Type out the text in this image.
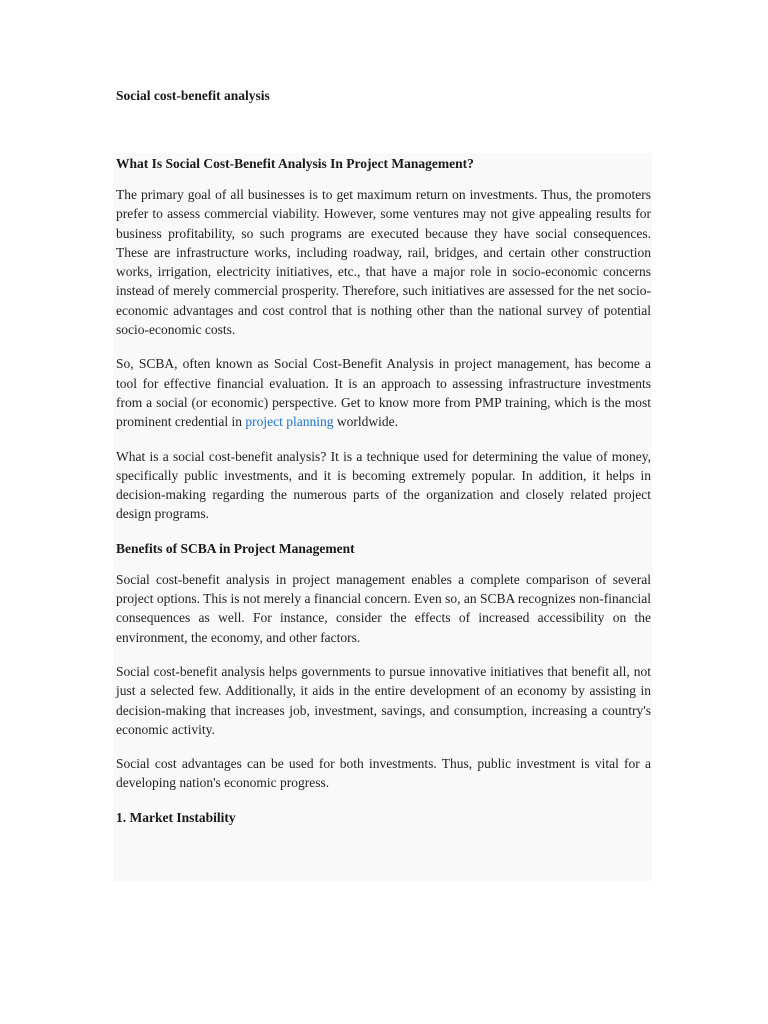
Social cost-benefit analysis
What Is Social Cost-Benefit Analysis In Project Management?

The primary goal of all businesses is to get maximum return on investments. Thus, the promoters prefer to assess commercial viability. However, some ventures may not give appealing results for business profitability, so such programs are executed because they have social consequences. These are infrastructure works, including roadway, rail, bridges, and certain other construction works, irrigation, electricity initiatives, etc., that have a major role in socio-economic concerns instead of merely commercial prosperity. Therefore, such initiatives are assessed for the net socio-economic advantages and cost control that is nothing other than the national survey of potential socio-economic costs.

So, SCBA, often known as Social Cost-Benefit Analysis in project management, has become a tool for effective financial evaluation. It is an approach to assessing infrastructure investments from a social (or economic) perspective. Get to know more from PMP training, which is the most prominent credential in project planning worldwide.

What is a social cost-benefit analysis? It is a technique used for determining the value of money, specifically public investments, and it is becoming extremely popular. In addition, it helps in decision-making regarding the numerous parts of the organization and closely related project design programs.

Benefits of SCBA in Project Management

Social cost-benefit analysis in project management enables a complete comparison of several project options. This is not merely a financial concern. Even so, an SCBA recognizes non-financial consequences as well. For instance, consider the effects of increased accessibility on the environment, the economy, and other factors.

Social cost-benefit analysis helps governments to pursue innovative initiatives that benefit all, not just a selected few. Additionally, it aids in the entire development of an economy by assisting in decision-making that increases job, investment, savings, and consumption, increasing a country's economic activity.

Social cost advantages can be used for both investments. Thus, public investment is vital for a developing nation's economic progress.

1. Market Instability
